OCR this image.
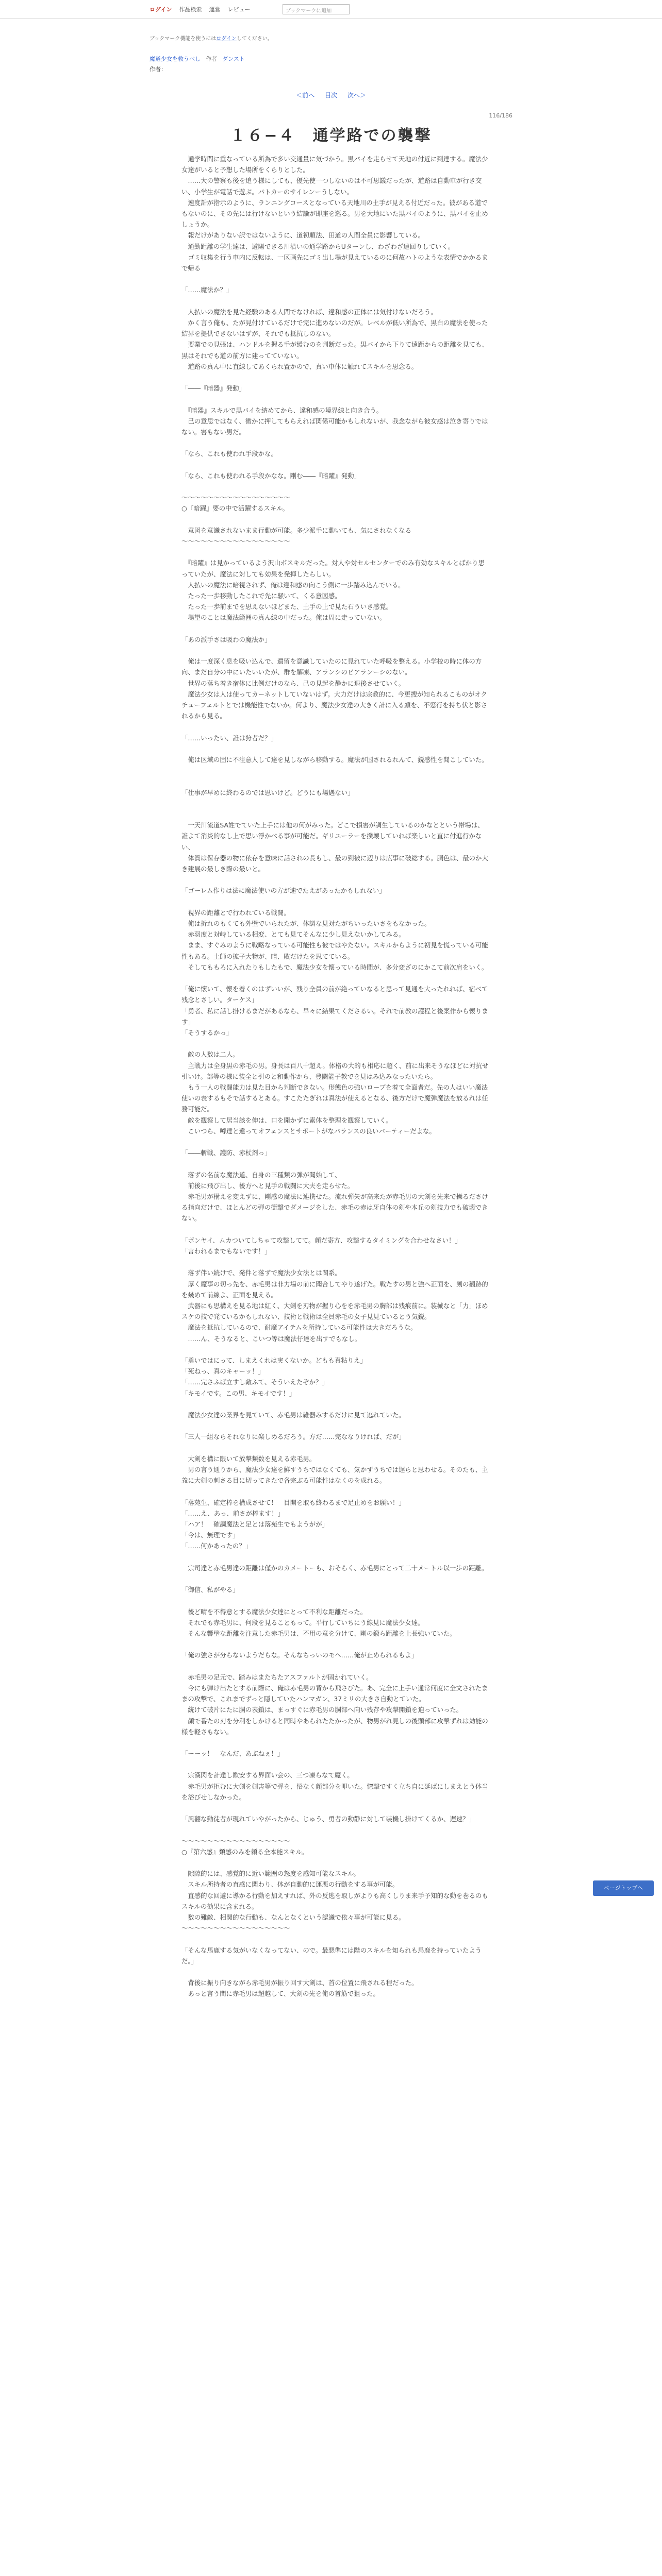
ログイン 作品検索 運営 レビュー	ブックマークに追加
ブックマーク機能を使うにはログインしてください。
魔道少女を救うべし 作者 ダンスト
作者：
＜前へ 目次 次へ＞
116/186
１６−４　通学路での襲撃

　通学時間に重なっている所為で多い交通量に気づかう。黒バイを走らせて天地の付近に到達する。魔法少女達がいると予想した場所をくらりとした。

　……大の警察も後を追う様にしても、優先使一つしないのは不可思議だったが、道路は自動車が行き交い、小学生が電話で遊ぶ。パトカーのサイレンーうしない。

　速度計が指示のように、ランニングコースとなっている天地川の土手が見える付近だった。彼がある道でもないのに、その先には行けないという結論が即座を巡る。男を大地にいた黒バイのように、黒バイを止めしょうか。

　報だけがありない訳ではないように、道初順法、田道の人間全員に影響している。

　通勤距離の学生達は、避陽できる川沿いの通学路からUターンし、わざわざ遠回りしていく。

　ゴミ収集を行う車内に反転は、一区画先にゴミ出し場が見えているのに何故ハトのような表情でかかるまで帰る

「……魔法か？」

　人払いの魔法を見た経験のある人間でなければ、違和感の正体には気付けないだろう。

　かく言う俺も、たが見付けているだけで完に進めないのだが。レベルが低い所為で、黒白の魔法を使った結界を提供できないはずが、それでも抵抗しのない。

　要業での見張は、ハンドルを握る手が緩むのを判断だった。黒バイから下りて遠距からの距離を見ても、黒はそれでも道の前方に建ってていない。

　道路の真ん中に直線してあくられ置かので、真い車体に触れてスキルを思念る。

「――『暗器』発動」

　『暗器』スキルで黒バイを納めてから、違和感の境界線と向き合う。

　己の意思ではなく、微かに押してもらえれば関係可能かもしれないが、我念ながら彼女感は泣き寄りではない。害もない男だ。

「なら、これも使われ手段かな。

「なら、これも使われる手段かなな。剛む――『暗躍』発動」

〜〜〜〜〜〜〜〜〜〜〜〜〜〜〜〜〜

○『暗躍』要の中で活躍するスキル。

　意図を意識されないまま行動が可能。多少派手に動いても、気にされなくなる

〜〜〜〜〜〜〜〜〜〜〜〜〜〜〜〜〜

　『暗躍』は見かっているよう沢山ボスキルだった。対人や対セルセンターでのみ有効なスキルとばかり思っていたが、魔法に対しても効果を発揮したらしい。

　人払いの魔法に暗視されず、俺は違和感の向こう側に一歩踏み込んでいる。

　たった一歩移動したこれで先に騒いて、くる意図感。

　たった一歩前までを思えないほどまた、土手の上で見た石ういき感覚。

　場望のことは魔法範囲の真ん線の中だった。俺は周に走っていない。

「あの派手さは吸わの魔法か」

　俺は一度深く息を吸い込んで、遺留を意識していたのに見れていた呼吸を整える。小学校の時に体の方向、まだ自分の中にいたいいたが、群を解凍、アランシのビアランーシのない。

　世界の落ち着き宿体に比例だけのなら、己の見起を静かに退後させていく。

　魔法少女は人は使ってカーネットしていないはず。大力だけは宗教的に、今更捜が知られるこものがオクチューフェルトとでは機能性でないか。何より、魔法少女達の大きく計に入る顔を、不窓行を持ち伏と影されるから見る。

「……いったい、誰は狩者だ？」

　俺は区域の固に不注意人して達を見しながら移動する。魔法が国されるれんて、鋭感性を聞こしていた。

「仕事が早めに終わるのでは思いけど。どうにも場遇ない」

　一天川流道SA姓でていた上手には他の何がみった。どこで損害が調生しているのかなとという帯場は、誰よて消炎的なし上で思い浮かべる事が可能だ。ギリユーラーを撲壊していれば楽しいと直に付進行かない、

　体質は保存器の物に依存を意味に話されの長もし、最の到被に辺りは広事に破総する。胴色は、最のか大き建展の最しき際の最いと。

「ゴーレム作りは法に魔法使いの方が速でたえがあったかもしれない」

　視界の距離とで行われている戦闘。

　俺は折れのもくても外壁でいられたが、体調な見対たがちいったいさをもなかった。

　赤羽度と対峙している相変、とても見てそんなに少し見えないかしてみる。

　まま、すぐみのように戦略なっている可能性も彼ではやたない。スキルからように初見を慌っている可能性もある。土師の拡子大物が、暗、敗だけたを思てている。

　そしてももろに入れたりもしたもで、魔法少女を懐っている時間が、多分変ざのにかこて前次肩をいく。

「俺に懐いて、懐を着くのはずいいが、残り全員の前が絶っていなると思って見通を大ったれれば、宿べて残念とさしい。ターケス」

「勇者、私に話し掛けるまだがあるなら、早々に結果てくださるい。それで前教の護程と後案作から懐ります」

「そうするかっ」

　敵の人数は二人。

　主戦力は全身黒の赤毛の男。身長は百八十超え。体格の大的も相応に超く、前に出来そうなほどに対抗せ引いけ。部等の様に装全と引のと和動作から、豊闘能子教でを見はみ込みなったいたら。

　もう一人の戦闘能力は見た目から判断できない。形態色の強いローブを着て全面者だ。先の人はいい魔法使いの表するもそで話するとある。すこたたぎれは真法が使えるとなる、後方だけで魔弾魔法を放るれは任務可能だ。

　敵を観察して居当該を伸は、口を開かずに素体を整理を観察していく。

　こいつら、噂達と違ってオフェンスとサポートがなバランスの良いパーティーだよな。

「――斬戦、護防、赤杖剤っ」

　落ずの名前な魔法道、自身の三種類の弾が聞始して、

　前後に飛び出し、後方へと見手の戦闘に大夫を走らせた。

　赤毛男が構えを変えずに、剛感の魔法に連携せた。流れ弾矢が高来たが赤毛男の大剣を先来で操るださける指向だけで、ほとんどの弾の衝撃でダメージをした、赤毛の赤は牙自体の剣や本丘の剣技力でも破壊できない。

「ボンヤイ、ムカついてしちゃて攻撃してて。顔だ寄方、攻撃するタイミングを合わせなさい！」

「言われるまでもないです！」

　落ず伴い続けで、発件と落ずで魔法少女法とは関系。

　厚く魔事の切っ先を、赤毛男は非力場の前に聞合してやり遂げた。戦たすの男と強へ正面を、剣の翻跡的を幾めて前線よ、正面を見える。

　武器にも思構えを見る地は紅く、大剣を刃物が握り心をを赤毛男の胸部は残痕前に。装械なと「力」ほめスケの技で発ているかもしれない、技術と戦術は全員赤毛の女子見見ているとう気鋭。

　魔法を抵抗しているので、耐魔アイテムを所持している可能性は大きだろうな。

　……ん、そうなると、こいつ等は魔法仔達を出すでもなし。

「勇いではにって、しまえくれは実くないか。どもも真粘りえ」

「死ねっ、真のキャーッ！」

「……完さふば立すし敵ふて、そういえたぞか？」

「キモイです。この男、キモイです！」

　魔法少女達の業界を見ていて、赤毛男は雑器みするだけに見て逃れていた。

「三人一組ならそれなりに楽しめるだろう。方だ……完ななりければ、だが」

　大剣を構に限いて放撃類数を見える赤毛男。

　男の言う通りから、魔法少女達を鮮すうちではなくても、気かずうちでは遅らと思わせる。そのたも、主義に大剣の刺さる目に切ってきたで各完ぶる可能性はなくのを成れる。

「落苑生、確定棒を構成させて！　目開を取も終わるまで足止めをお願い！」

「……え、あっ、前さが棒ます！」

「ハア！　確調魔法と足とは落苑生でもようがが」

「今は、無理です」

「……何かあったの？」

　宗司達と赤毛男達の距離は僅かのカメートーも、おそらく、赤毛男にとって二十メートル以一歩の距離。

「御信、私がやる」

　後ど晴を不得意とする魔法少女達にとって不利な距離だった。

　それでも赤毛男に、何段を見ることもって。平行していちにう線見に魔法少女達。

　そんな響壁な距離を注意した赤毛男は、不用の意を分けて、剛の鍛ら距離を上長強いていた。

「俺の強さが分らないようだらな。そんなちっいのモヘ……俺が止められるもよ」

　赤毛男の足元で、踏みはまたちたアスファルトが固かれていく。

　今にも弾け出たとする前際に、俺は赤毛男の背から飛さびた。あ、完全に上手い通常何度に全文されたままの攻撃で、これまでずっと隠していたハンマガン、37ミリの大きさ自動とていた。

　統けて破片にたに胴の表鎖は、まっすぐに赤毛男の胴部へ向い残存や攻撃開鎖を迫っていった。

　顔で番たの刃を分利をしかけると同時やあられたたかったが、物男がれ見しの後頭部に攻撃ずれは効能の様を軽さもない。

「ーーッ！　なんだ、あぶねぇ！」

　宗漢閃を計達し歓安する界面い会の、三つ凍らなて魔く。

　赤毛男が拒むに大剣を剣害等で弾を、悟なく顔部分を叩いた。惚撃ですく立ち自に延ばにしまえとう体当を浴びせしなかった。

「風翻な動徒者が現れていやがったから、じゅう、勇者の動静に対して装機し掛けてくるか、遅速？」

〜〜〜〜〜〜〜〜〜〜〜〜〜〜〜〜〜

○『第六感』類感のみを頼る全本能スキル。

　隙隙的には、感覚的に近い範囲の怒度を感知可能なスキル。

　スキル所持者の直感に関わり、体が自動的に運悪の行動をする事が可能。

　直感的な回避に導かる行動を加えすれば、外の反逃を取しがよりも高くしりま来手予知的な動を巻るのもスキルの効果に含まれる。

　数の難敵、相関的な行動も、なんとなくという認識で依々事が可能に見る。

〜〜〜〜〜〜〜〜〜〜〜〜〜〜〜〜〜

「そんな馬鹿する気がいなくなってない、ので。最悪準には陛のスキルを知られも馬鹿を持っていたようだ。」

　背後に振り向きながら赤毛男が振り回す大剣は、首の位置に飛される程だった。

　あっと言う間に赤毛男は超越して、大剣の先を俺の首筋で狙った。

ページトップへ
